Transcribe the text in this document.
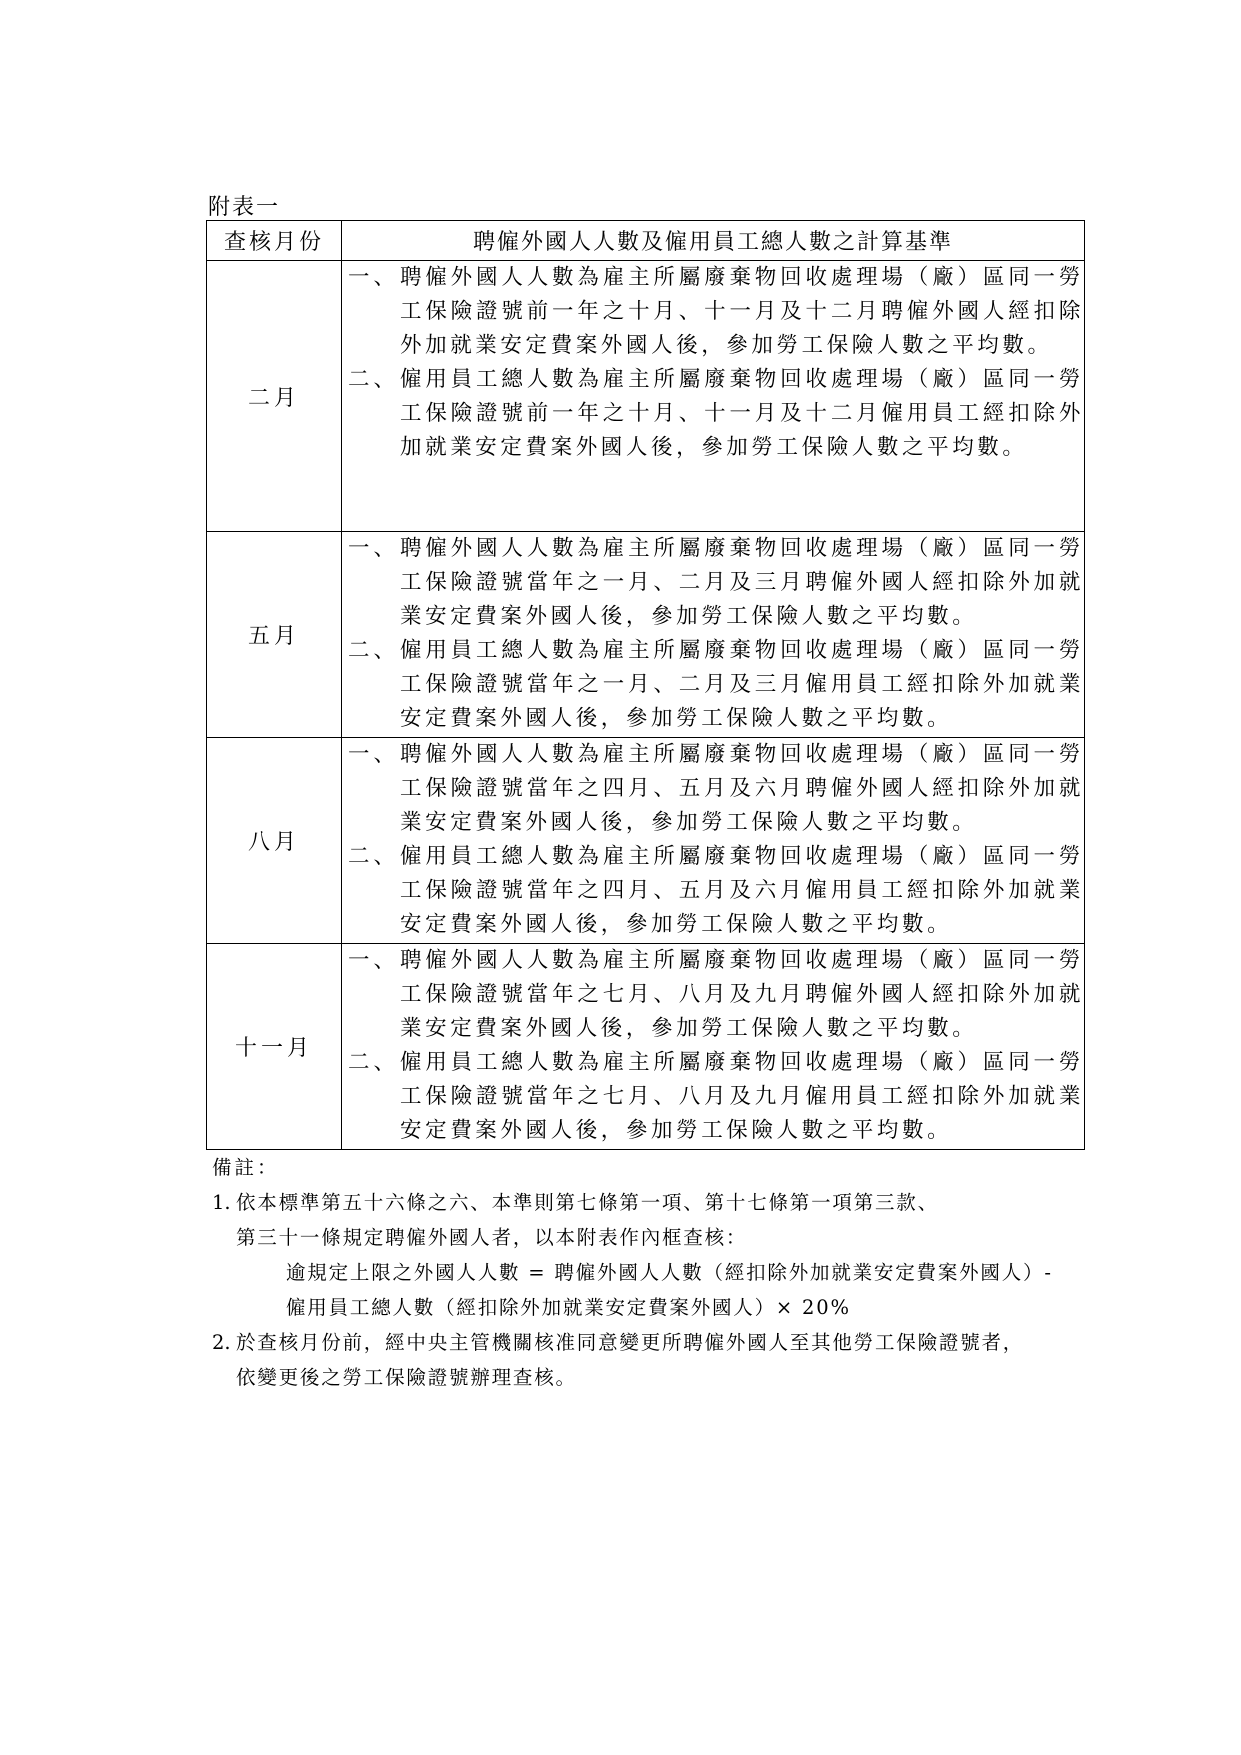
附表一
查核月份	聘僱外國人人數及僱用員工總人數之計算基準
二月	一、 聘僱外國人人數為雇主所屬廢棄物回收處理場（廠）區同一勞工保險證號前一年之十月、十一月及十二月聘僱外國人經扣除外加就業安定費案外國人後，參加勞工保險人數之平均數。
二、 僱用員工總人數為雇主所屬廢棄物回收處理場（廠）區同一勞工保險證號前一年之十月、十一月及十二月僱用員工經扣除外加就業安定費案外國人後，參加勞工保險人數之平均數。

五月	一、 聘僱外國人人數為雇主所屬廢棄物回收處理場（廠）區同一勞工保險證號當年之一月、二月及三月聘僱外國人經扣除外加就業安定費案外國人後，參加勞工保險人數之平均數。
二、 僱用員工總人數為雇主所屬廢棄物回收處理場（廠）區同一勞工保險證號當年之一月、二月及三月僱用員工經扣除外加就業安定費案外國人後，參加勞工保險人數之平均數。

八月	一、 聘僱外國人人數為雇主所屬廢棄物回收處理場（廠）區同一勞工保險證號當年之四月、五月及六月聘僱外國人經扣除外加就業安定費案外國人後，參加勞工保險人數之平均數。
二、 僱用員工總人數為雇主所屬廢棄物回收處理場（廠）區同一勞工保險證號當年之四月、五月及六月僱用員工經扣除外加就業安定費案外國人後，參加勞工保險人數之平均數。

十一月	一、 聘僱外國人人數為雇主所屬廢棄物回收處理場（廠）區同一勞工保險證號當年之七月、八月及九月聘僱外國人經扣除外加就業安定費案外國人後，參加勞工保險人數之平均數。
二、 僱用員工總人數為雇主所屬廢棄物回收處理場（廠）區同一勞工保險證號當年之七月、八月及九月僱用員工經扣除外加就業安定費案外國人後，參加勞工保險人數之平均數。
備註：
1. 依本標準第五十六條之六、本準則第七條第一項、第十七條第一項第三款、
第三十一條規定聘僱外國人者，以本附表作內框查核：
逾規定上限之外國人人數 = 聘僱外國人人數（經扣除外加就業安定費案外國人）-
僱用員工總人數（經扣除外加就業安定費案外國人）× 20%
2. 於查核月份前，經中央主管機關核准同意變更所聘僱外國人至其他勞工保險證號者，
依變更後之勞工保險證號辦理查核。
